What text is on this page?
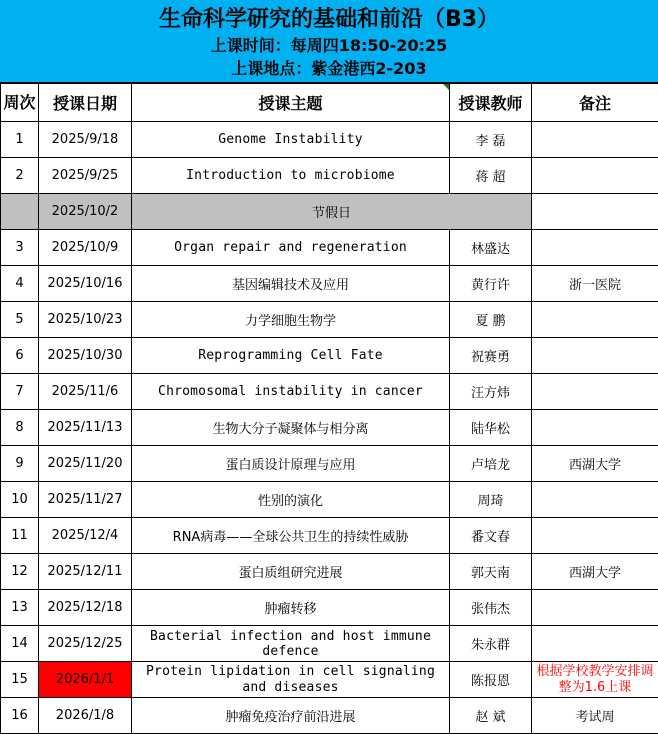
生命科学研究的基础和前沿（B3）
上课时间：每周四18:50-20:25
上课地点：紫金港西2-203
周次	授课日期	授课主题	授课教师	备注
1	2025/9/18	Genome Instability	李 磊	
2	2025/9/25	Introduction to microbiome	蒋 超	
	2025/10/2	节假日		
3	2025/10/9	Organ repair and regeneration	林盛达	
4	2025/10/16	基因编辑技术及应用	黄行许	浙一医院
5	2025/10/23	力学细胞生物学	夏 鹏	
6	2025/10/30	Reprogramming Cell Fate	祝赛勇	
7	2025/11/6	Chromosomal instability in cancer	汪方炜	
8	2025/11/13	生物大分子凝聚体与相分离	陆华松	
9	2025/11/20	蛋白质设计原理与应用	卢培龙	西湖大学
10	2025/11/27	性别的演化	周琦	
11	2025/12/4	RNA病毒——全球公共卫生的持续性威胁	番文春	
12	2025/12/11	蛋白质组研究进展	郭天南	西湖大学
13	2025/12/18	肿瘤转移	张伟杰	
14	2025/12/25	Bacterial infection and host immune defence	朱永群	
15	2026/1/1	Protein lipidation in cell signaling and diseases	陈报恩	根据学校教学安排调整为1.6上课
16	2026/1/8	肿瘤免疫治疗前沿进展	赵 斌	考试周
